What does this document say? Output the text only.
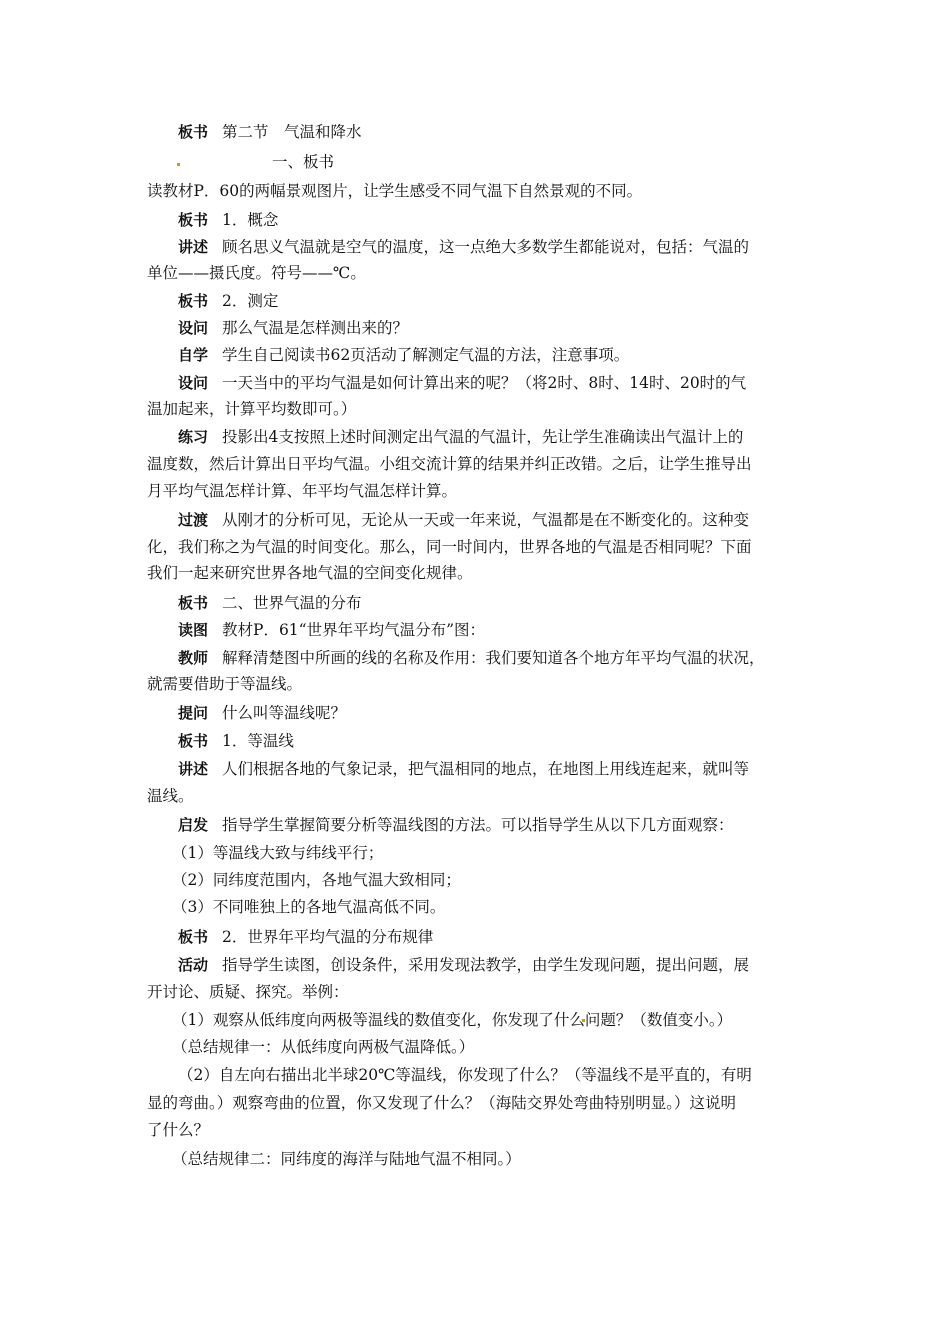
板书 第二节　气温和降水
一、板书
读教材P．60的两幅景观图片，让学生感受不同气温下自然景观的不同。
板书 1．概念
讲述 顾名思义气温就是空气的温度，这一点绝大多数学生都能说对，包括：气温的
单位——摄氏度。符号——℃。
板书 2．测定
设问 那么气温是怎样测出来的？
自学 学生自己阅读书62页活动了解测定气温的方法，注意事项。
设问 一天当中的平均气温是如何计算出来的呢？（将2时、8时、14时、20时的气
温加起来，计算平均数即可。）
练习 投影出4支按照上述时间测定出气温的气温计，先让学生准确读出气温计上的
温度数，然后计算出日平均气温。小组交流计算的结果并纠正改错。之后，让学生推导出
月平均气温怎样计算、年平均气温怎样计算。
过渡 从刚才的分析可见，无论从一天或一年来说，气温都是在不断变化的。这种变
化，我们称之为气温的时间变化。那么，同一时间内，世界各地的气温是否相同呢？下面
我们一起来研究世界各地气温的空间变化规律。
板书 二、世界气温的分布
读图 教材P．61“世界年平均气温分布”图：
教师 解释清楚图中所画的线的名称及作用：我们要知道各个地方年平均气温的状况，
就需要借助于等温线。
提问 什么叫等温线呢？
板书 1．等温线
讲述 人们根据各地的气象记录，把气温相同的地点，在地图上用线连起来，就叫等
温线。
启发 指导学生掌握简要分析等温线图的方法。可以指导学生从以下几方面观察：
（1）等温线大致与纬线平行；
（2）同纬度范围内，各地气温大致相同；
（3）不同唯独上的各地气温高低不同。
板书 2．世界年平均气温的分布规律
活动 指导学生读图，创设条件，采用发现法教学，由学生发现问题，提出问题，展
开讨论、质疑、探究。举例：
（1）观察从低纬度向两极等温线的数值变化，你发现了什么问题？（数值变小。）
（总结规律一：从低纬度向两极气温降低。）
（2）自左向右描出北半球20℃等温线，你发现了什么？（等温线不是平直的，有明
显的弯曲。）观察弯曲的位置，你又发现了什么？（海陆交界处弯曲特别明显。）这说明
了什么？
（总结规律二：同纬度的海洋与陆地气温不相同。）
